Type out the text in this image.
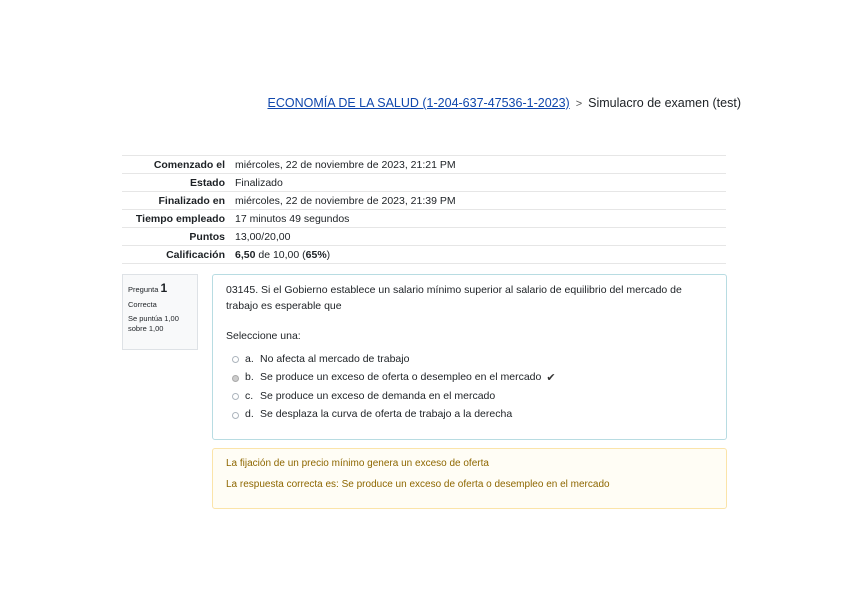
ECONOMÍA DE LA SALUD (1-204-637-47536-1-2023) > Simulacro de examen (test)
Comenzado el	miércoles, 22 de noviembre de 2023, 21:21 PM
Estado	Finalizado
Finalizado en	miércoles, 22 de noviembre de 2023, 21:39 PM
Tiempo empleado	17 minutos 49 segundos
Puntos	13,00/20,00
Calificación	6,50 de 10,00 (65%)
Pregunta 1
Correcta
Se puntúa 1,00 sobre 1,00
03145. Si el Gobierno establece un salario mínimo superior al salario de equilibrio del mercado de trabajo es esperable que
Seleccione una:
a. No afecta al mercado de trabajo
b. Se produce un exceso de oferta o desempleo en el mercado ✔
c. Se produce un exceso de demanda en el mercado
d. Se desplaza la curva de oferta de trabajo a la derecha
La fijación de un precio mínimo genera un exceso de oferta
La respuesta correcta es: Se produce un exceso de oferta o desempleo en el mercado
